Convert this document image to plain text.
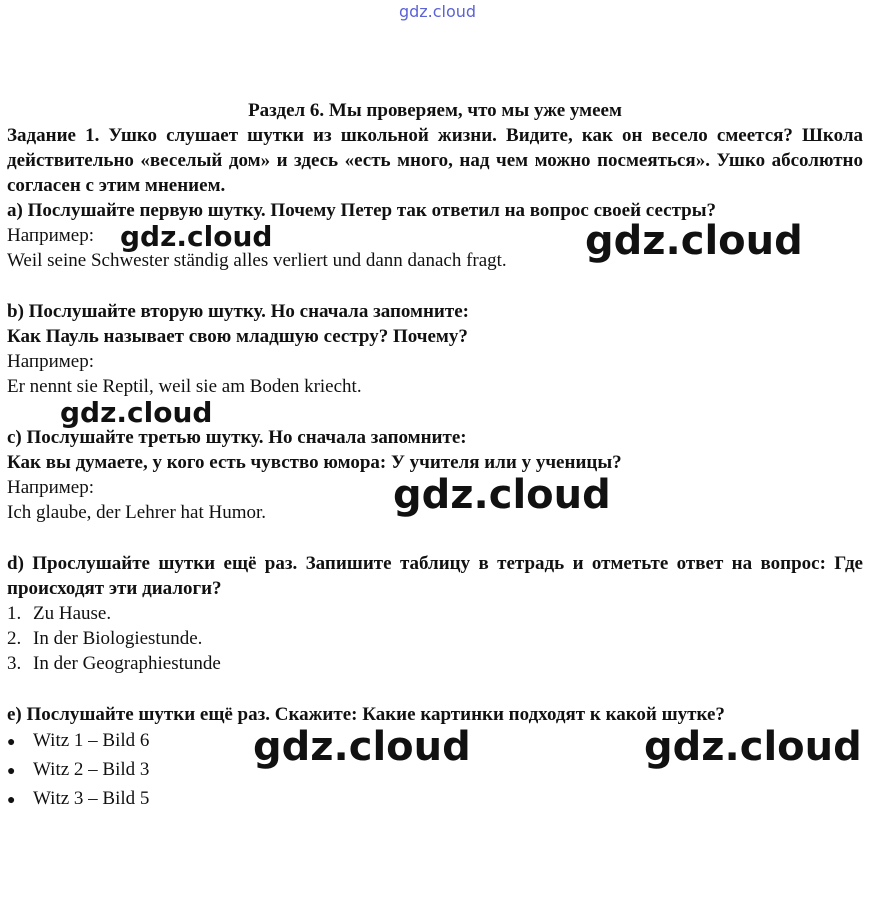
gdz.cloud

Раздел 6. Мы проверяем, что мы уже умеем

Задание 1. Ушко слушает шутки из школьной жизни. Видите, как он весело смеется? Школа действительно «веселый дом» и здесь «есть много, над чем можно посмеяться». Ушко абсолютно согласен с этим мнением.

a) Послушайте первую шутку. Почему Петер так ответил на вопрос своей сестры?

Например:

Weil seine Schwester ständig alles verliert und dann danach fragt.

b) Послушайте вторую шутку. Но сначала запомните:

Как Пауль называет свою младшую сестру? Почему?

Например:

Er nennt sie Reptil, weil sie am Boden kriecht.

c) Послушайте третью шутку. Но сначала запомните:

Как вы думаете, у кого есть чувство юмора: У учителя или у ученицы?

Например:

Ich glaube, der Lehrer hat Humor.

d) Прослушайте шутки ещё раз. Запишите таблицу в тетрадь и отметьте ответ на вопрос: Где происходят эти диалоги?

1. Zu Hause.
2. In der Biologiestunde.
3. In der Geographiestunde

e) Послушайте шутки ещё раз. Скажите: Какие картинки подходят к какой шутке?

● Witz 1 – Bild 6
● Witz 2 – Bild 3
● Witz 3 – Bild 5
gdz.cloud	gdz.cloud
gdz.cloud
gdz.cloud
gdz.cloud	gdz.cloud
